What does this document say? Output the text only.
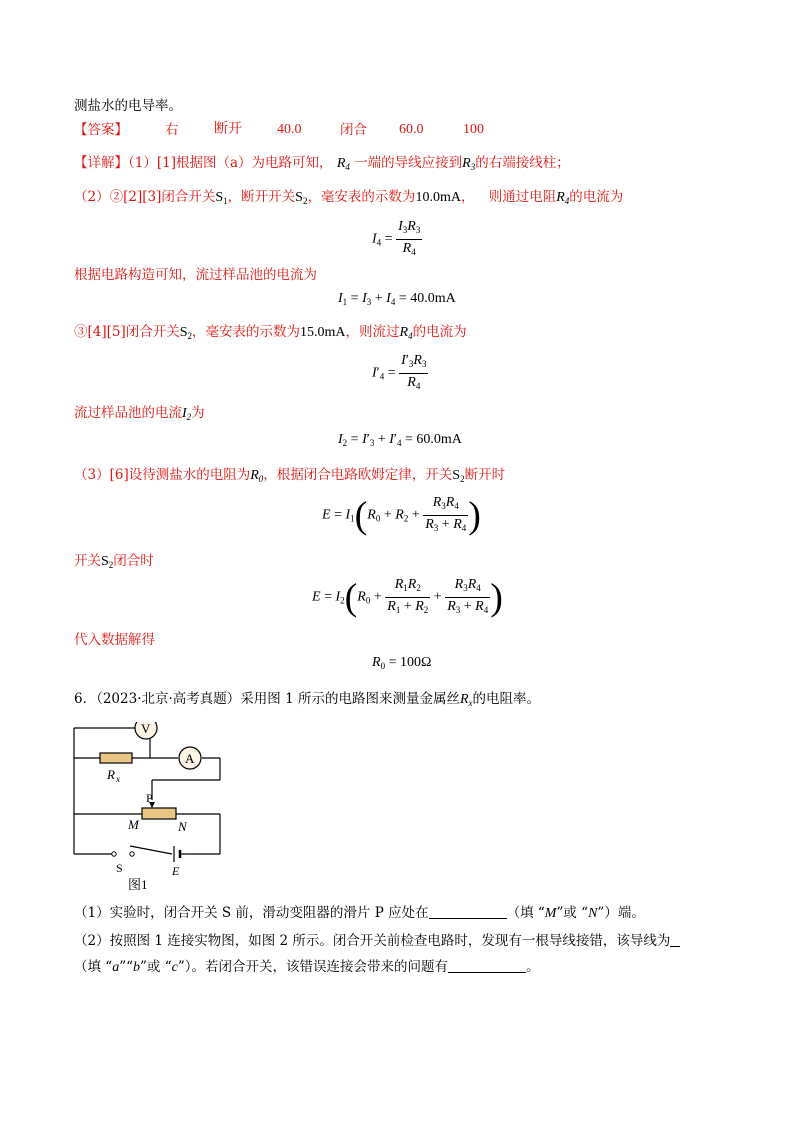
测盐水的电导率。
【答案】	右	断开	40.0	闭合 60.0	100
【详解】（1）[1]根据图（a）为电路可知， $R_4$ 一端的导线应接到$R_3$的右端接线柱；
（2）②[2][3]闭合开关$S_1$，断开开关$S_2$，毫安表的示数为10.0mA， 则通过电阻$R_4$的电流为
$I_4 = \frac{I_3R_3}{R_4}$
根据电路构造可知，流过样品池的电流为
$I_1 = I_3 + I_4 = 40.0mA$
③[4][5]闭合开关$S_2$，毫安表的示数为15.0mA，则流过$R_4$的电流为
$I'_4 = \frac{I'_3R_3}{R_4}$
流过样品池的电流$I_2$为
$I_2 = I'_3 + I'_4 = 60.0mA$
（3）[6]设待测盐水的电阻为$R_0$，根据闭合电路欧姆定律，开关$S_2$断开时
$E = I_1(R_0 + R_2 + \frac{R_3R_4}{R_3 + R_4}$ )
开关$S_2$闭合时
$E = I_2(R_0 + \frac{R_1R_2}{R_1 + R_2} + \frac{R_3R_4}{R_3 + R_4}$ )
代入数据解得
$R_0 = 100\Omega$
6．（2023·北京·高考真题）采用图 1 所示的电路图来测量金属丝$R_x$的电阻率。
V
R x
A
P
M	N
S	E
图1
（1）实验时，闭合开关 S 前，滑动变阻器的滑片 P 应处在	（填 “M”或 “N”）端。
（2）按照图 1 连接实物图，如图 2 所示。闭合开关前检查电路时，发现有一根导线接错，该导线为
（填 “a”“b”或 “c”）。若闭合开关，该错误连接会带来的问题有	。
